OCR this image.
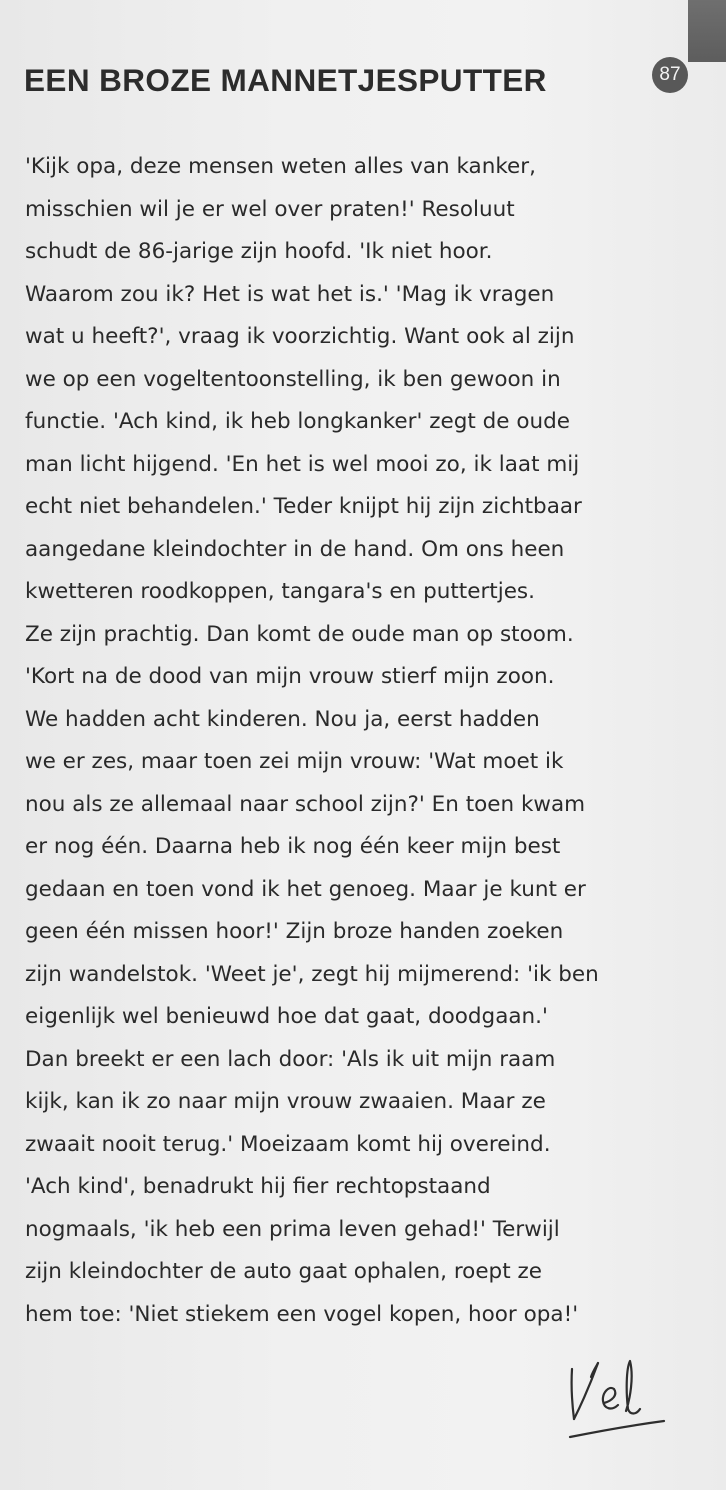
87
EEN BROZE MANNETJESPUTTER

'Kijk opa, deze mensen weten alles van kanker,
misschien wil je er wel over praten!' Resoluut
schudt de 86-jarige zijn hoofd. 'Ik niet hoor.
Waarom zou ik? Het is wat het is.' 'Mag ik vragen
wat u heeft?', vraag ik voorzichtig. Want ook al zijn
we op een vogeltentoonstelling, ik ben gewoon in
functie. 'Ach kind, ik heb longkanker' zegt de oude
man licht hijgend. 'En het is wel mooi zo, ik laat mij
echt niet behandelen.' Teder knijpt hij zijn zichtbaar
aangedane kleindochter in de hand. Om ons heen
kwetteren roodkoppen, tangara's en puttertjes.
Ze zijn prachtig. Dan komt de oude man op stoom.
'Kort na de dood van mijn vrouw stierf mijn zoon.
We hadden acht kinderen. Nou ja, eerst hadden
we er zes, maar toen zei mijn vrouw: 'Wat moet ik
nou als ze allemaal naar school zijn?' En toen kwam
er nog één. Daarna heb ik nog één keer mijn best
gedaan en toen vond ik het genoeg. Maar je kunt er
geen één missen hoor!' Zijn broze handen zoeken
zijn wandelstok. 'Weet je', zegt hij mijmerend: 'ik ben
eigenlijk wel benieuwd hoe dat gaat, doodgaan.'
Dan breekt er een lach door: 'Als ik uit mijn raam
kijk, kan ik zo naar mijn vrouw zwaaien. Maar ze
zwaait nooit terug.' Moeizaam komt hij overeind.
'Ach kind', benadrukt hij fier rechtopstaand
nogmaals, 'ik heb een prima leven gehad!' Terwijl
zijn kleindochter de auto gaat ophalen, roept ze
hem toe: 'Niet stiekem een vogel kopen, hoor opa!'
